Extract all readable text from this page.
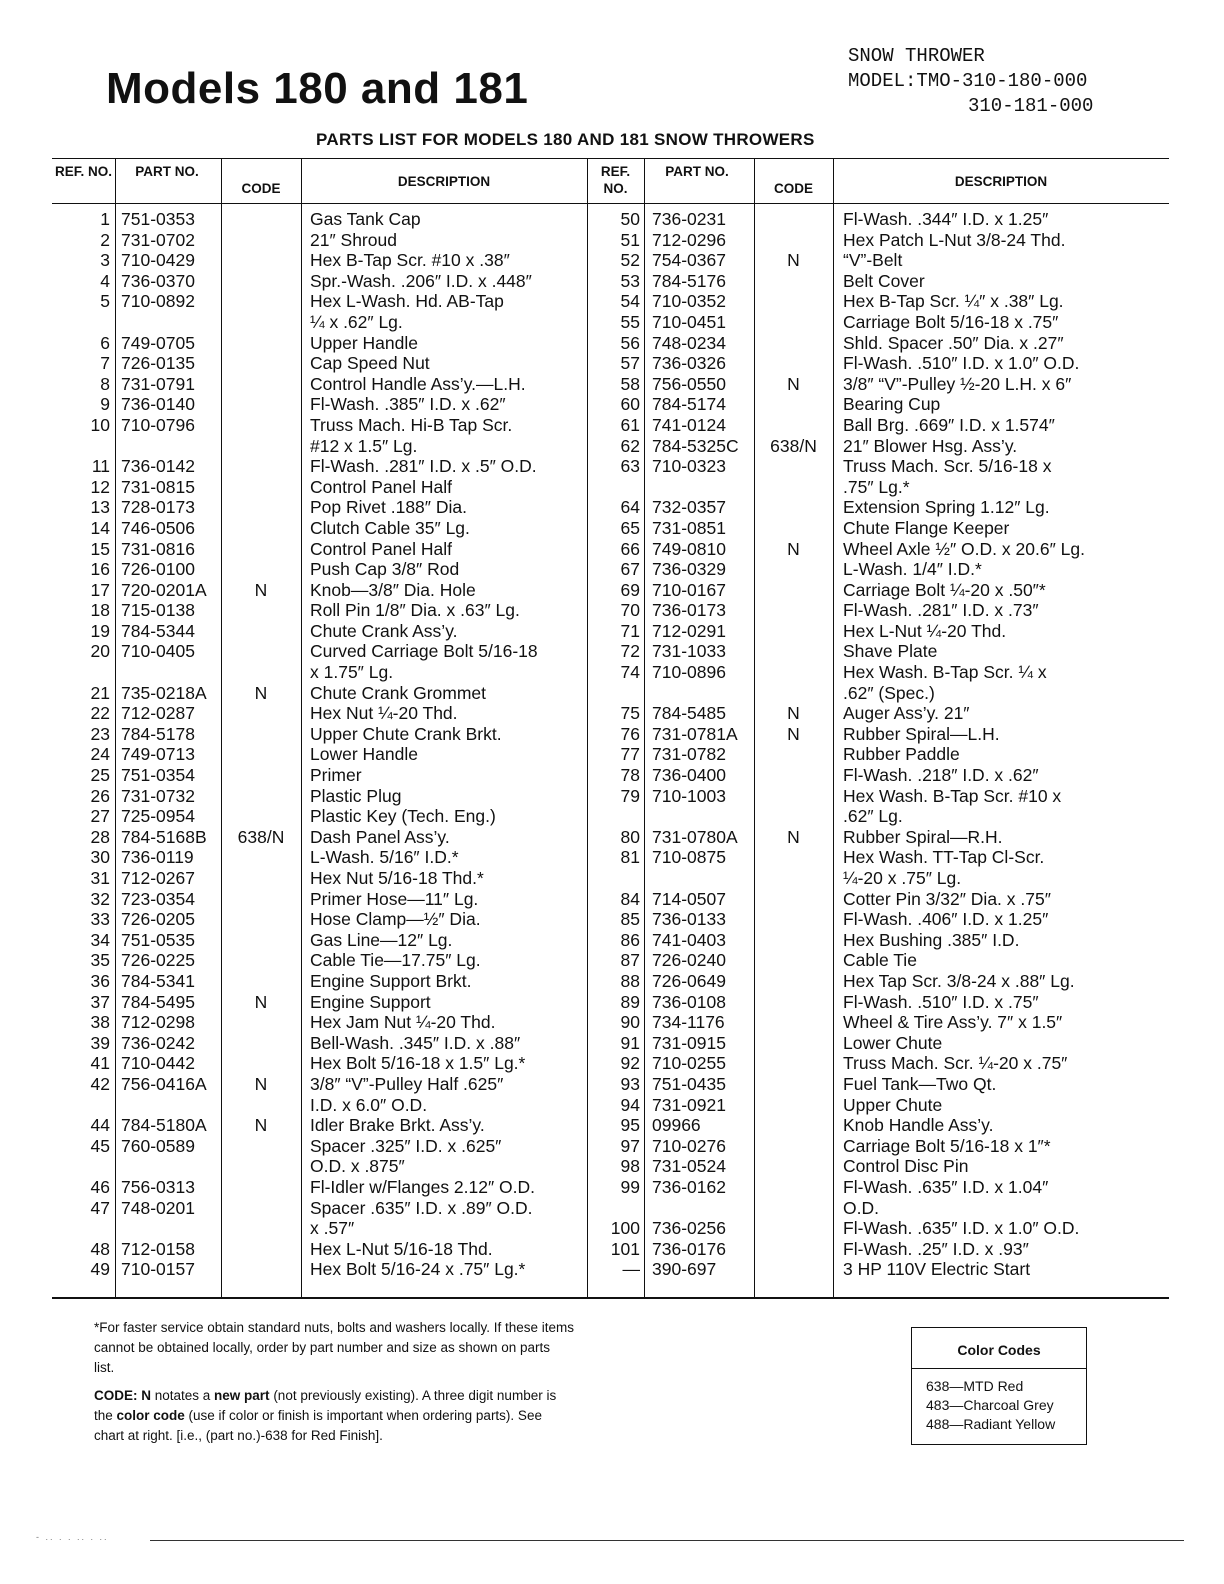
Models 180 and 181
SNOW THROWER
MODEL:TMO-310-180-000
310-181-000
PARTS LIST FOR MODELS 180 AND 181 SNOW THROWERS
REF. NO. PART NO.
CODE	DESCRIPTION
REF. NO.
PART NO.
CODE	DESCRIPTION
1 751-0353	Gas Tank Cap
2 731-0702	21″ Shroud
3 710-0429	Hex B-Tap Scr. #10 x .38″
4 736-0370	Spr.-Wash. .206″ I.D. x .448″
5 710-0892	Hex L-Wash. Hd. AB-Tap
¼ x .62″ Lg.
6 749-0705	Upper Handle
7 726-0135	Cap Speed Nut
8 731-0791	Control Handle Ass’y.—L.H.
9 736-0140	Fl-Wash. .385″ I.D. x .62″
10 710-0796	Truss Mach. Hi-B Tap Scr.
#12 x 1.5″ Lg.
11 736-0142	Fl-Wash. .281″ I.D. x .5″ O.D.
12 731-0815	Control Panel Half
13 728-0173	Pop Rivet .188″ Dia.
14 746-0506	Clutch Cable 35″ Lg.
15 731-0816	Control Panel Half
16 726-0100	Push Cap 3/8″ Rod
17 720-0201A	N	Knob—3/8″ Dia. Hole
18 715-0138	Roll Pin 1/8″ Dia. x .63″ Lg.
19 784-5344	Chute Crank Ass’y.
20 710-0405	Curved Carriage Bolt 5/16-18
x 1.75″ Lg.
21 735-0218A	N	Chute Crank Grommet
22 712-0287	Hex Nut ¼-20 Thd.
23 784-5178	Upper Chute Crank Brkt.
24 749-0713	Lower Handle
25 751-0354	Primer
26 731-0732	Plastic Plug
27 725-0954	Plastic Key (Tech. Eng.)
28 784-5168B	638/N	Dash Panel Ass’y.
30 736-0119	L-Wash. 5/16″ I.D.*
31 712-0267	Hex Nut 5/16-18 Thd.*
32 723-0354	Primer Hose—11″ Lg.
33 726-0205	Hose Clamp—½″ Dia.
34 751-0535	Gas Line—12″ Lg.
35 726-0225	Cable Tie—17.75″ Lg.
36 784-5341	Engine Support Brkt.
37 784-5495	N	Engine Support
38 712-0298	Hex Jam Nut ¼-20 Thd.
39 736-0242	Bell-Wash. .345″ I.D. x .88″
41 710-0442	Hex Bolt 5/16-18 x 1.5″ Lg.*
42 756-0416A	N	3/8″ “V”-Pulley Half .625″
I.D. x 6.0″ O.D.
44 784-5180A	N	Idler Brake Brkt. Ass’y.
45 760-0589	Spacer .325″ I.D. x .625″
O.D. x .875″
46 756-0313	Fl-Idler w/Flanges 2.12″ O.D.
47 748-0201	Spacer .635″ I.D. x .89″ O.D.
x .57″
48 712-0158	Hex L-Nut 5/16-18 Thd.
49 710-0157	Hex Bolt 5/16-24 x .75″ Lg.*
50 736-0231	Fl-Wash. .344″ I.D. x 1.25″
51 712-0296	Hex Patch L-Nut 3/8-24 Thd.
52 754-0367	N	“V”-Belt
53 784-5176	Belt Cover
54 710-0352	Hex B-Tap Scr. ¼″ x .38″ Lg.
55 710-0451	Carriage Bolt 5/16-18 x .75″
56 748-0234	Shld. Spacer .50″ Dia. x .27″
57 736-0326	Fl-Wash. .510″ I.D. x 1.0″ O.D.
58 756-0550	N	3/8″ “V”-Pulley ½-20 L.H. x 6″
60 784-5174	Bearing Cup
61 741-0124	Ball Brg. .669″ I.D. x 1.574″
62 784-5325C	638/N	21″ Blower Hsg. Ass’y.
63 710-0323	Truss Mach. Scr. 5/16-18 x
.75″ Lg.*
64 732-0357	Extension Spring 1.12″ Lg.
65 731-0851	Chute Flange Keeper
66 749-0810	N	Wheel Axle ½″ O.D. x 20.6″ Lg.
67 736-0329	L-Wash. 1/4″ I.D.*
69 710-0167	Carriage Bolt ¼-20 x .50″*
70 736-0173	Fl-Wash. .281″ I.D. x .73″
71 712-0291	Hex L-Nut ¼-20 Thd.
72 731-1033	Shave Plate
74 710-0896	Hex Wash. B-Tap Scr. ¼ x
.62″ (Spec.)
75 784-5485	N	Auger Ass’y. 21″
76 731-0781A	N	Rubber Spiral—L.H.
77 731-0782	Rubber Paddle
78 736-0400	Fl-Wash. .218″ I.D. x .62″
79 710-1003	Hex Wash. B-Tap Scr. #10 x
.62″ Lg.
80 731-0780A	N	Rubber Spiral—R.H.
81 710-0875	Hex Wash. TT-Tap Cl-Scr.
¼-20 x .75″ Lg.
84 714-0507	Cotter Pin 3/32″ Dia. x .75″
85 736-0133	Fl-Wash. .406″ I.D. x 1.25″
86 741-0403	Hex Bushing .385″ I.D.
87 726-0240	Cable Tie
88 726-0649	Hex Tap Scr. 3/8-24 x .88″ Lg.
89 736-0108	Fl-Wash. .510″ I.D. x .75″
90 734-1176	Wheel & Tire Ass’y. 7″ x 1.5″
91 731-0915	Lower Chute
92 710-0255	Truss Mach. Scr. ¼-20 x .75″
93 751-0435	Fuel Tank—Two Qt.
94 731-0921	Upper Chute
95 09966	Knob Handle Ass’y.
97 710-0276	Carriage Bolt 5/16-18 x 1″*
98 731-0524	Control Disc Pin
99 736-0162	Fl-Wash. .635″ I.D. x 1.04″
O.D.
100 736-0256	Fl-Wash. .635″ I.D. x 1.0″ O.D.
101 736-0176	Fl-Wash. .25″ I.D. x .93″
— 390-697	3 HP 110V Electric Start
*For faster service obtain standard nuts, bolts and washers locally. If these items cannot be obtained locally, order by part number and size as shown on parts list.
CODE: N notates a new part (not previously existing). A three digit number is the color code (use if color or finish is important when ordering parts). See chart at right. [i.e., (part no.)-638 for Red Finish].
Color Codes
638—MTD Red
483—Charcoal Grey
488—Radiant Yellow
- .. . . .. . ..
